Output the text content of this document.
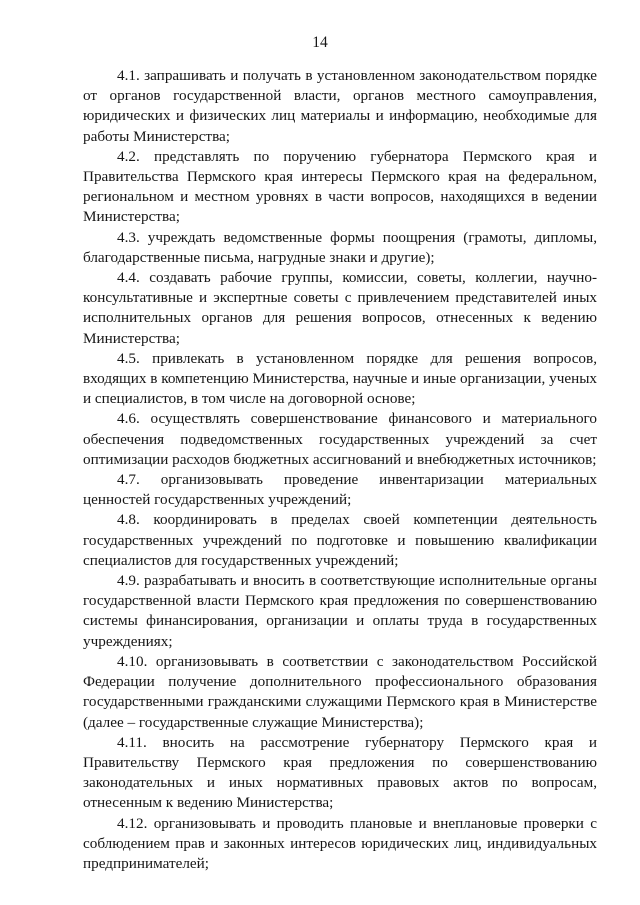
14

4.1. запрашивать и получать в установленном законодательством порядке от органов государственной власти, органов местного самоуправления, юридических и физических лиц материалы и информацию, необходимые для работы Министерства;

4.2. представлять по поручению губернатора Пермского края и Правительства Пермского края интересы Пермского края на федеральном, региональном и местном уровнях в части вопросов, находящихся в ведении Министерства;

4.3. учреждать ведомственные формы поощрения (грамоты, дипломы, благодарственные письма, нагрудные знаки и другие);

4.4. создавать рабочие группы, комиссии, советы, коллегии, научно-консультативные и экспертные советы с привлечением представителей иных исполнительных органов для решения вопросов, отнесенных к ведению Министерства;

4.5. привлекать в установленном порядке для решения вопросов, входящих в компетенцию Министерства, научные и иные организации, ученых и специалистов, в том числе на договорной основе;

4.6. осуществлять совершенствование финансового и материального обеспечения подведомственных государственных учреждений за счет оптимизации расходов бюджетных ассигнований и внебюджетных источников;

4.7. организовывать проведение инвентаризации материальных ценностей государственных учреждений;

4.8. координировать в пределах своей компетенции деятельность государственных учреждений по подготовке и повышению квалификации специалистов для государственных учреждений;

4.9. разрабатывать и вносить в соответствующие исполнительные органы государственной власти Пермского края предложения по совершенствованию системы финансирования, организации и оплаты труда в государственных учреждениях;

4.10. организовывать в соответствии с законодательством Российской Федерации получение дополнительного профессионального образования государственными гражданскими служащими Пермского края в Министерстве (далее – государственные служащие Министерства);

4.11. вносить на рассмотрение губернатору Пермского края и Правительству Пермского края предложения по совершенствованию законодательных и иных нормативных правовых актов по вопросам, отнесенным к ведению Министерства;

4.12. организовывать и проводить плановые и внеплановые проверки с соблюдением прав и законных интересов юридических лиц, индивидуальных предпринимателей;
